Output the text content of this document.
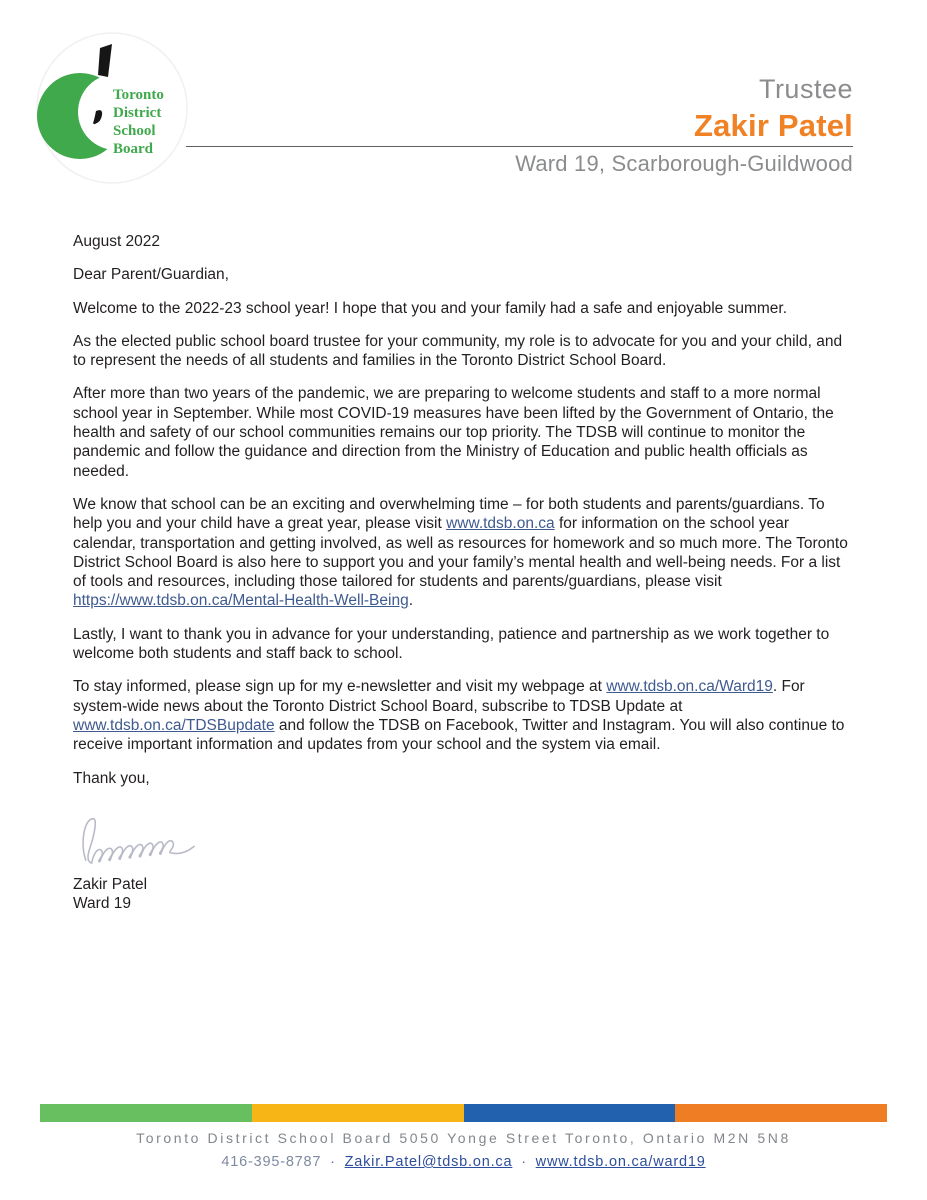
Toronto
District
School
Board
Trustee
Zakir Patel
Ward 19, Scarborough-Guildwood

August 2022

Dear Parent/Guardian,

Welcome to the 2022-23 school year! I hope that you and your family had a safe and enjoyable summer.

As the elected public school board trustee for your community, my role is to advocate for you and your child, and to represent the needs of all students and families in the Toronto District School Board.

After more than two years of the pandemic, we are preparing to welcome students and staff to a more normal school year in September. While most COVID-19 measures have been lifted by the Government of Ontario, the health and safety of our school communities remains our top priority. The TDSB will continue to monitor the pandemic and follow the guidance and direction from the Ministry of Education and public health officials as needed.

We know that school can be an exciting and overwhelming time – for both students and parents/guardians. To help you and your child have a great year, please visit www.tdsb.on.ca for information on the school year calendar, transportation and getting involved, as well as resources for homework and so much more. The Toronto District School Board is also here to support you and your family’s mental health and well-being needs. For a list of tools and resources, including those tailored for students and parents/guardians, please visit https://www.tdsb.on.ca/Mental-Health-Well-Being.

Lastly, I want to thank you in advance for your understanding, patience and partnership as we work together to welcome both students and staff back to school.

To stay informed, please sign up for my e-newsletter and visit my webpage at www.tdsb.on.ca/Ward19. For system-wide news about the Toronto District School Board, subscribe to TDSB Update at www.tdsb.on.ca/TDSBupdate and follow the TDSB on Facebook, Twitter and Instagram. You will also continue to receive important information and updates from your school and the system via email.

Thank you,

Zakir Patel
Ward 19
Toronto District School Board 5050 Yonge Street Toronto, Ontario M2N 5N8
416-395-8787 · Zakir.Patel@tdsb.on.ca · www.tdsb.on.ca/ward19
